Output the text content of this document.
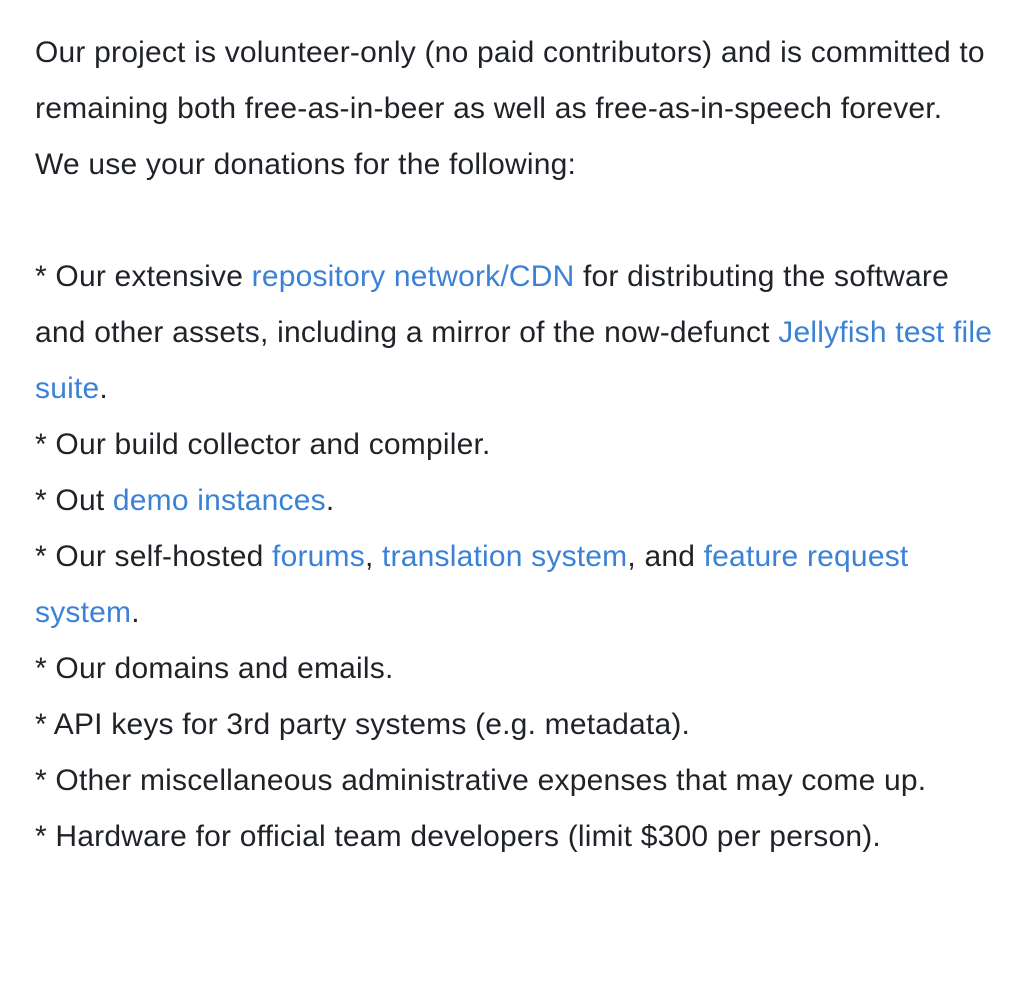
Our project is volunteer-only (no paid contributors) and is committed to remaining both free-as-in-beer as well as free-as-in-speech forever. We use your donations for the following:

* Our extensive repository network/CDN for distributing the software and other assets, including a mirror of the now-defunct Jellyfish test file suite.

* Our build collector and compiler.

* Out demo instances.

* Our self-hosted forums, translation system, and feature request system.

* Our domains and emails.

* API keys for 3rd party systems (e.g. metadata).

* Other miscellaneous administrative expenses that may come up.

* Hardware for official team developers (limit $300 per person).
